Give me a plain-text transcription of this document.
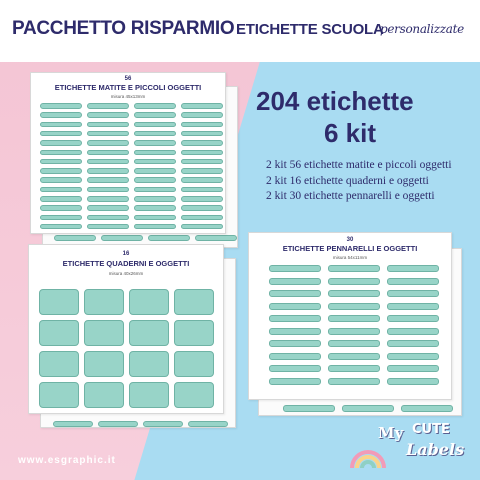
PACCHETTO RISPARMIO ETICHETTE SCUOLA
personalizzate
56
ETICHETTE MATITE E PICCOLI OGGETTI
misura 45x13mm
16
ETICHETTE QUADERNI E OGGETTI
misura 40x26mm
30
ETICHETTE PENNARELLI E OGGETTI
misura 54x11mm
204 etichette
6 kit
2 kit 56 etichette matite e piccoli oggetti
2 kit 16 etichette quaderni e oggetti
2 kit 30 etichette pennarelli e oggetti
www.esgraphic.it
My CUTE
Labels
